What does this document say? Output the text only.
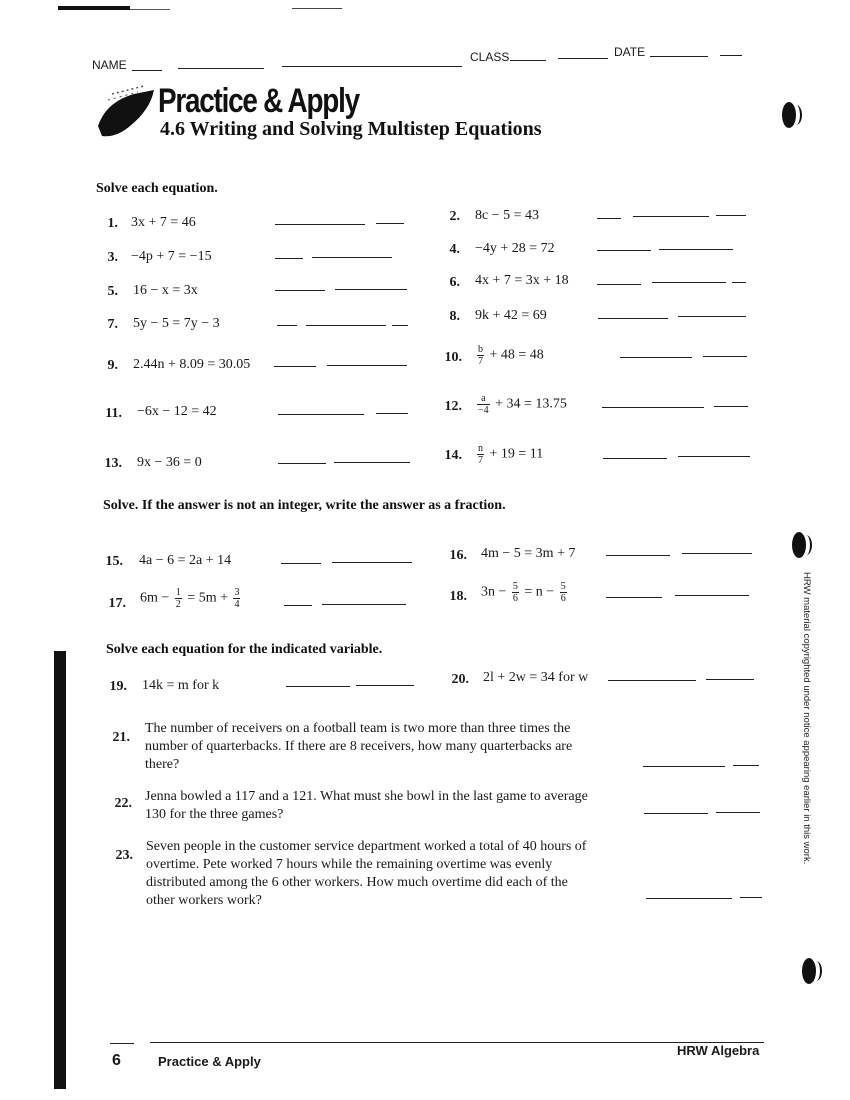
NAME
CLASS	DATE
Practice & Apply
4.6 Writing and Solving Multistep Equations
Solve each equation.
1. 3x + 7 = 46
3. −4p + 7 = −15
5. 16 − x = 3x
7. 5y − 5 = 7y − 3
9. 2.44n + 8.09 = 30.05
11. −6x − 12 = 42
13. 9x − 36 = 0
2. 8c − 5 = 43
4. −4y + 28 = 72
6. 4x + 7 = 3x + 18
8. 9k + 42 = 69
10. $\frac{b}{7} + 48 = 48$
12. $\frac{a}{-4} + 34 = 13.75$
14. $\frac{n}{7} + 19 = 11$
Solve. If the answer is not an integer, write the answer as a fraction.
15. 4a − 6 = 2a + 14	16. 4m − 5 = 3m + 7
17. $6m - \frac{1}{2} = 5m + \frac{3}{4}$	18. $3n - \frac{5}{6} = n - \frac{5}{6}$
Solve each equation for the indicated variable.
19. 14k = m for k	20. 2l + 2w = 34 for w
21.
The number of receivers on a football team is two more than three times the number of quarterbacks. If there are 8 receivers, how many quarterbacks are there?
22. Jenna bowled a 117 and a 121. What must she bowl in the last game to average 130 for the three games?
23.
Seven people in the customer service department worked a total of 40 hours of overtime. Pete worked 7 hours while the remaining overtime was evenly distributed among the 6 other workers. How much overtime did each of the other workers work?
HRW material copyrighted under notice appearing earlier in this work.
6	Practice & Apply
HRW Algebra
